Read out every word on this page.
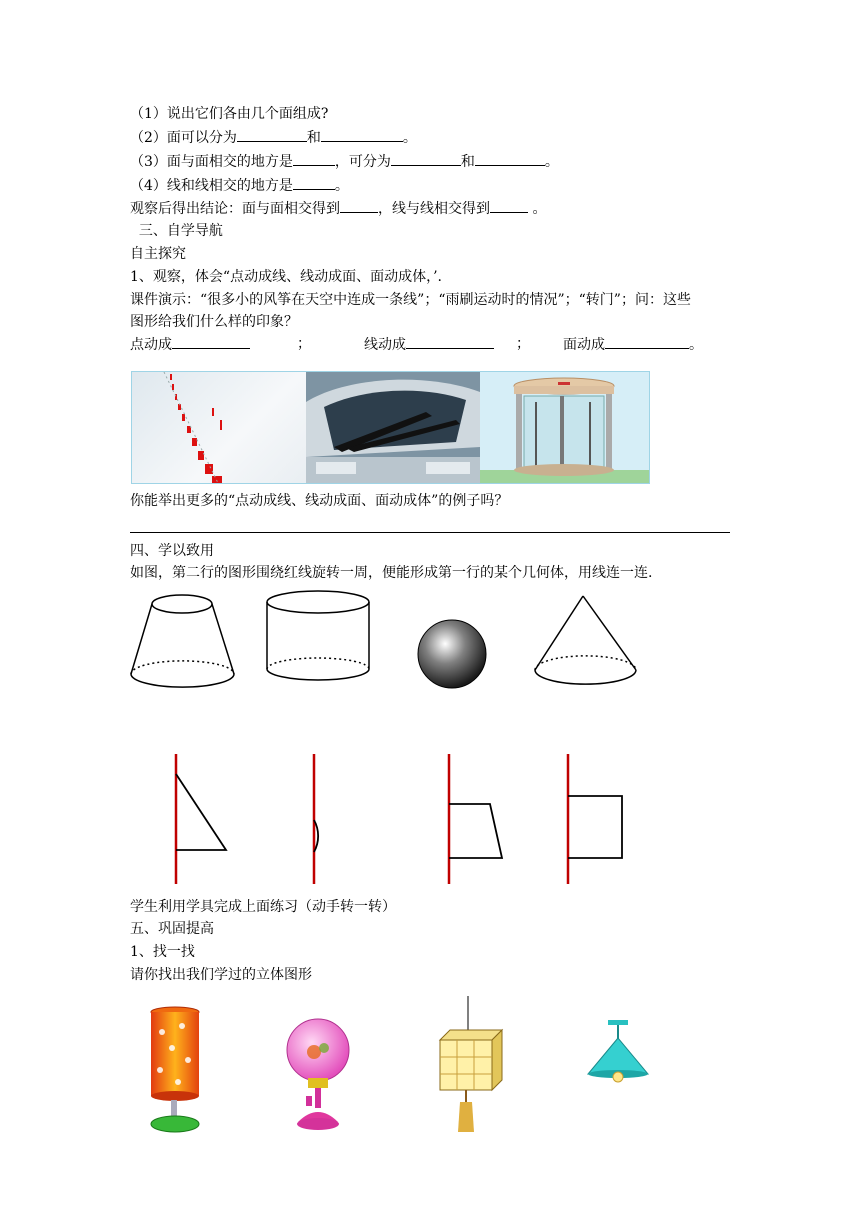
（1）说出它们各由几个面组成?
（2）面可以分为	和	。
（3）面与面相交的地方是	，可分为	和	。
（4）线和线相交的地方是	。
观察后得出结论：面与面相交得到	，线与线相交得到	。
三、自学导航
自主探究
1、观察，体会“点动成线、线动成面、面动成体，’.
课件演示：“很多小的风筝在天空中连成一条线”；“雨刷运动时的情况”；“转门”；问：这些
图形给我们什么样的印象？
点动成	；	线动成	； 面动成	。
你能举出更多的“点动成线、线动成面、面动成体”的例子吗？
四、学以致用
如图，第二行的图形围绕红线旋转一周，便能形成第一行的某个几何体，用线连一连.
学生利用学具完成上面练习（动手转一转）
五、巩固提高
1、找一找
请你找出我们学过的立体图形
